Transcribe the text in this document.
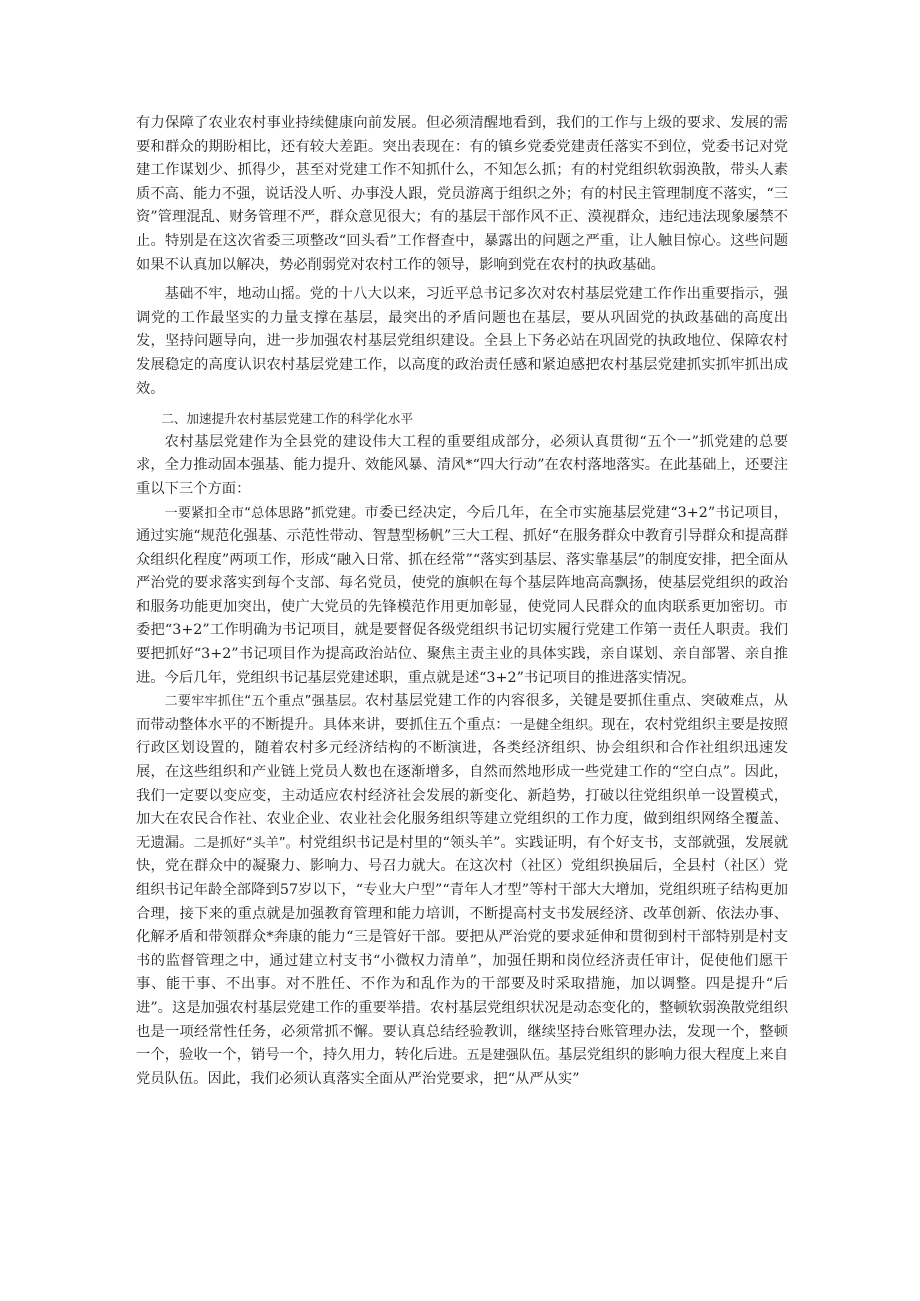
有力保障了农业农村事业持续健康向前发展。但必须清醒地看到，我们的工作与上级的要求、发展的需要和群众的期盼相比，还有较大差距。突出表现在：有的镇乡党委党建责任落实不到位，党委书记对党建工作谋划少、抓得少，甚至对党建工作不知抓什么，不知怎么抓；有的村党组织软弱涣散，带头人素质不高、能力不强，说话没人听、办事没人跟，党员游离于组织之外；有的村民主管理制度不落实，“三资”管理混乱、财务管理不严，群众意见很大；有的基层干部作风不正、漠视群众，违纪违法现象屡禁不止。特别是在这次省委三项整改“回头看”工作督查中，暴露出的问题之严重，让人触目惊心。这些问题如果不认真加以解决，势必削弱党对农村工作的领导，影响到党在农村的执政基础。

基础不牢，地动山摇。党的十八大以来，习近平总书记多次对农村基层党建工作作出重要指示，强调党的工作最坚实的力量支撑在基层，最突出的矛盾问题也在基层，要从巩固党的执政基础的高度出发，坚持问题导向，进一步加强农村基层党组织建设。全县上下务必站在巩固党的执政地位、保障农村发展稳定的高度认识农村基层党建工作，以高度的政治责任感和紧迫感把农村基层党建抓实抓牢抓出成效。

二、加速提升农村基层党建工作的科学化水平

农村基层党建作为全县党的建设伟大工程的重要组成部分，必须认真贯彻“五个一”抓党建的总要求，全力推动固本强基、能力提升、效能风暴、清风*“四大行动”在农村落地落实。在此基础上，还要注重以下三个方面：

一要紧扣全市“总体思路”抓党建。市委已经决定，今后几年，在全市实施基层党建“3+2”书记项目，通过实施“规范化强基、示范性带动、智慧型杨帆”三大工程、抓好“在服务群众中教育引导群众和提高群众组织化程度”两项工作，形成“融入日常、抓在经常”“落实到基层、落实靠基层”的制度安排，把全面从严治党的要求落实到每个支部、每名党员，使党的旗帜在每个基层阵地高高飘扬，使基层党组织的政治和服务功能更加突出，使广大党员的先锋模范作用更加彰显，使党同人民群众的血肉联系更加密切。市委把“3+2”工作明确为书记项目，就是要督促各级党组织书记切实履行党建工作第一责任人职责。我们要把抓好“3+2”书记项目作为提高政治站位、聚焦主责主业的具体实践，亲自谋划、亲自部署、亲自推进。今后几年，党组织书记基层党建述职，重点就是述“3+2”书记项目的推进落实情况。

二要牢牢抓住“五个重点”强基层。农村基层党建工作的内容很多，关键是要抓住重点、突破难点，从而带动整体水平的不断提升。具体来讲，要抓住五个重点：一是健全组织。现在，农村党组织主要是按照行政区划设置的，随着农村多元经济结构的不断演进，各类经济组织、协会组织和合作社组织迅速发展，在这些组织和产业链上党员人数也在逐渐增多，自然而然地形成一些党建工作的“空白点”。因此，我们一定要以变应变，主动适应农村经济社会发展的新变化、新趋势，打破以往党组织单一设置模式，加大在农民合作社、农业企业、农业社会化服务组织等建立党组织的工作力度，做到组织网络全覆盖、无遗漏。二是抓好“头羊”。村党组织书记是村里的“领头羊”。实践证明，有个好支书，支部就强，发展就快，党在群众中的凝聚力、影响力、号召力就大。在这次村（社区）党组织换届后，全县村（社区）党组织书记年龄全部降到57岁以下，“专业大户型”“青年人才型”等村干部大大增加，党组织班子结构更加合理，接下来的重点就是加强教育管理和能力培训，不断提高村支书发展经济、改革创新、依法办事、化解矛盾和带领群众*奔康的能力“三是管好干部。要把从严治党的要求延伸和贯彻到村干部特别是村支书的监督管理之中，通过建立村支书“小微权力清单”，加强任期和岗位经济责任审计，促使他们愿干事、能干事、不出事。对不胜任、不作为和乱作为的干部要及时采取措施，加以调整。四是提升“后进”。这是加强农村基层党建工作的重要举措。农村基层党组织状况是动态变化的，整顿软弱涣散党组织也是一项经常性任务，必须常抓不懈。要认真总结经验教训，继续坚持台账管理办法，发现一个，整顿一个，验收一个，销号一个，持久用力，转化后进。五是建强队伍。基层党组织的影响力很大程度上来自党员队伍。因此，我们必须认真落实全面从严治党要求，把“从严从实”
